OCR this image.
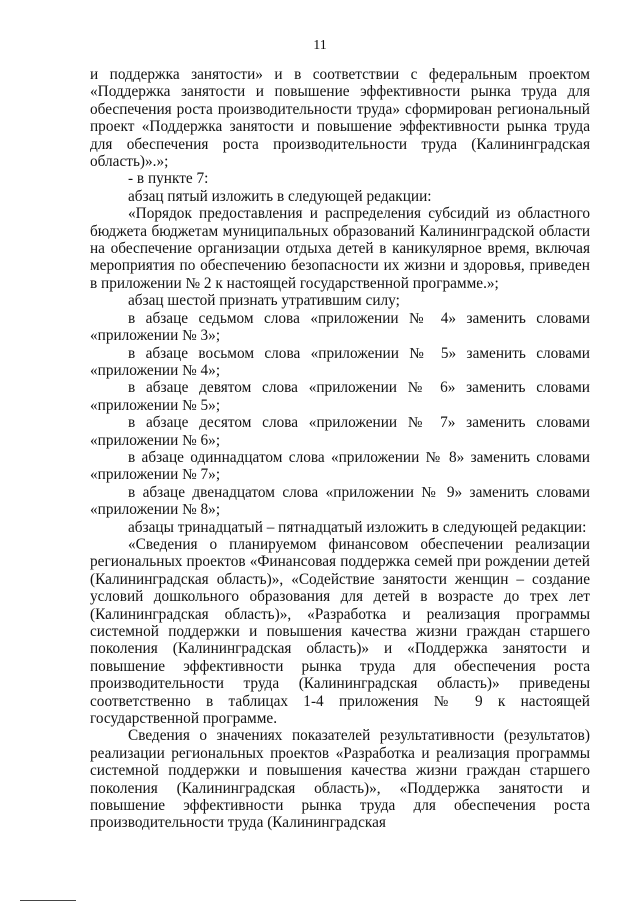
11

и поддержка занятости» и в соответствии с федеральным проектом «Поддержка занятости и повышение эффективности рынка труда для обеспечения роста производительности труда» сформирован региональный проект «Поддержка занятости и повышение эффективности рынка труда для обеспечения роста производительности труда (Калининградская область)».»;

- в пункте 7:

абзац пятый изложить в следующей редакции:

«Порядок предоставления и распределения субсидий из областного бюджета бюджетам муниципальных образований Калининградской области на обеспечение организации отдыха детей в каникулярное время, включая мероприятия по обеспечению безопасности их жизни и здоровья, приведен в приложении № 2 к настоящей государственной программе.»;

абзац шестой признать утратившим силу;

в абзаце седьмом слова «приложении № 4» заменить словами «приложении № 3»;

в абзаце восьмом слова «приложении № 5» заменить словами «приложении № 4»;

в абзаце девятом слова «приложении № 6» заменить словами «приложении № 5»;

в абзаце десятом слова «приложении № 7» заменить словами «приложении № 6»;

в абзаце одиннадцатом слова «приложении № 8» заменить словами «приложении № 7»;

в абзаце двенадцатом слова «приложении № 9» заменить словами «приложении № 8»;

абзацы тринадцатый – пятнадцатый изложить в следующей редакции:

«Сведения о планируемом финансовом обеспечении реализации региональных проектов «Финансовая поддержка семей при рождении детей (Калининградская область)», «Содействие занятости женщин – создание условий дошкольного образования для детей в возрасте до трех лет (Калининградская область)», «Разработка и реализация программы системной поддержки и повышения качества жизни граждан старшего поколения (Калининградская область)» и «Поддержка занятости и повышение эффективности рынка труда для обеспечения роста производительности труда (Калининградская область)» приведены соответственно в таблицах 1-4 приложения № 9 к настоящей государственной программе.

Сведения о значениях показателей результативности (результатов) реализации региональных проектов «Разработка и реализация программы системной поддержки и повышения качества жизни граждан старшего поколения (Калининградская область)», «Поддержка занятости и повышение эффективности рынка труда для обеспечения роста производительности труда (Калининградская
